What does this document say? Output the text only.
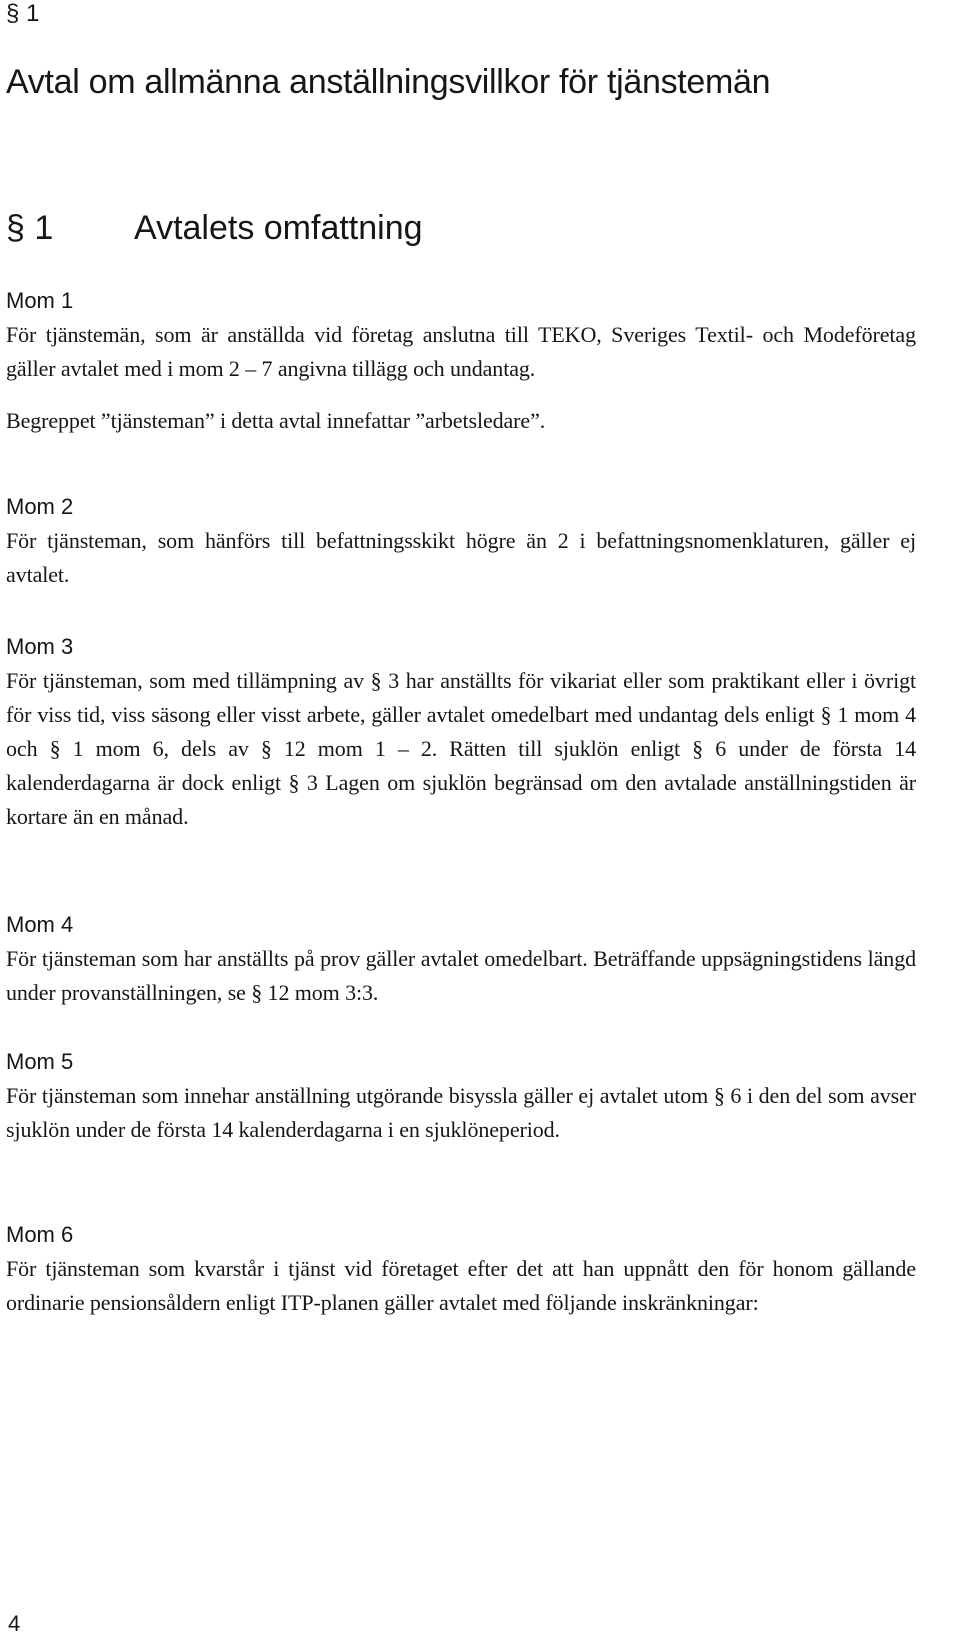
§ 1
Avtal om allmänna anställningsvillkor för tjänstemän
§ 1	Avtalets omfattning
Mom 1

För tjänstemän, som är anställda vid företag anslutna till TEKO, Sveriges Textil- och Modeföretag gäller avtalet med i mom 2 – 7 angivna tillägg och undantag.

Begreppet ”tjänsteman” i detta avtal innefattar ”arbetsledare”.

Mom 2

För tjänsteman, som hänförs till befattningsskikt högre än 2 i befattningsnomenklaturen, gäller ej avtalet.

Mom 3

För tjänsteman, som med tillämpning av § 3 har anställts för vikariat eller som praktikant eller i övrigt för viss tid, viss säsong eller visst arbete, gäller avtalet omedelbart med undantag dels enligt § 1 mom 4 och § 1 mom 6, dels av § 12 mom 1 – 2. Rätten till sjuklön enligt § 6 under de första 14 kalenderdagarna är dock enligt § 3 Lagen om sjuklön begränsad om den avtalade anställningstiden är kortare än en månad.

Mom 4

För tjänsteman som har anställts på prov gäller avtalet omedelbart. Beträffande uppsägningstidens längd under provanställningen, se § 12 mom 3:3.

Mom 5

För tjänsteman som innehar anställning utgörande bisyssla gäller ej avtalet utom § 6 i den del som avser sjuklön under de första 14 kalenderdagarna i en sjuklöneperiod.

Mom 6

För tjänsteman som kvarstår i tjänst vid företaget efter det att han uppnått den för honom gällande ordinarie pensionsåldern enligt ITP-planen gäller avtalet med följande inskränkningar:

4
